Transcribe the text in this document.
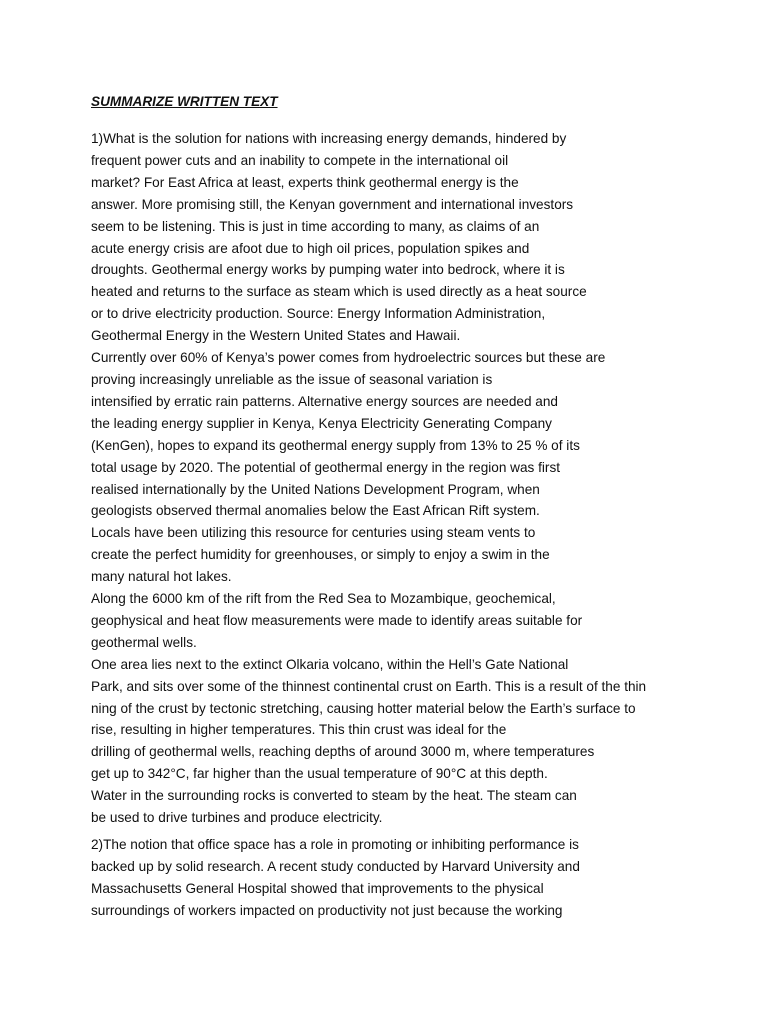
SUMMARIZE WRITTEN TEXT
1)What is the solution for nations with increasing energy demands, hindered by
frequent power cuts and an inability to compete in the international oil
market? For East Africa at least, experts think geothermal energy is the
answer. More promising still, the Kenyan government and international investors
seem to be listening. This is just in time according to many, as claims of an
acute energy crisis are afoot due to high oil prices, population spikes and
droughts. Geothermal energy works by pumping water into bedrock, where it is
heated and returns to the surface as steam which is used directly as a heat source
or to drive electricity production. Source: Energy Information Administration,
Geothermal Energy in the Western United States and Hawaii.
Currently over 60% of Kenya’s power comes from hydroelectric sources but these are
proving increasingly unreliable as the issue of seasonal variation is
intensified by erratic rain patterns. Alternative energy sources are needed and
the leading energy supplier in Kenya, Kenya Electricity Generating Company
(KenGen), hopes to expand its geothermal energy supply from 13% to 25 % of its
total usage by 2020. The potential of geothermal energy in the region was first
realised internationally by the United Nations Development Program, when
geologists observed thermal anomalies below the East African Rift system.
Locals have been utilizing this resource for centuries using steam vents to
create the perfect humidity for greenhouses, or simply to enjoy a swim in the
many natural hot lakes.
Along the 6000 km of the rift from the Red Sea to Mozambique, geochemical,
geophysical and heat flow measurements were made to identify areas suitable for
geothermal wells.
One area lies next to the extinct Olkaria volcano, within the Hell’s Gate National
Park, and sits over some of the thinnest continental crust on Earth. This is a result of the thin
ning of the crust by tectonic stretching, causing hotter material below the Earth’s surface to
rise, resulting in higher temperatures. This thin crust was ideal for the
drilling of geothermal wells, reaching depths of around 3000 m, where temperatures
get up to 342°C, far higher than the usual temperature of 90°C at this depth.
Water in the surrounding rocks is converted to steam by the heat. The steam can
be used to drive turbines and produce electricity.
2)The notion that office space has a role in promoting or inhibiting performance is
backed up by solid research. A recent study conducted by Harvard University and
Massachusetts General Hospital showed that improvements to the physical
surroundings of workers impacted on productivity not just because the working
